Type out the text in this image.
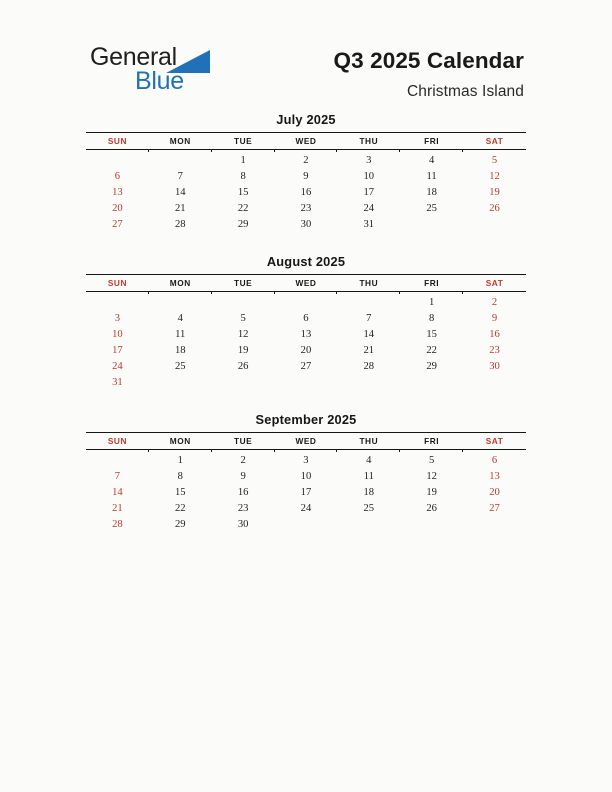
General
Blue
Q3 2025 Calendar
Christmas Island
July 2025
SUN	MON	TUE	WED	THU	FRI	SAT
		1	2	3	4	5
6	7	8	9	10	11	12
13	14	15	16	17	18	19
20	21	22	23	24	25	26
27	28	29	30	31		
August 2025
SUN	MON	TUE	WED	THU	FRI	SAT
					1	2
3	4	5	6	7	8	9
10	11	12	13	14	15	16
17	18	19	20	21	22	23
24	25	26	27	28	29	30
31						
September 2025
SUN	MON	TUE	WED	THU	FRI	SAT
	1	2	3	4	5	6
7	8	9	10	11	12	13
14	15	16	17	18	19	20
21	22	23	24	25	26	27
28	29	30				
